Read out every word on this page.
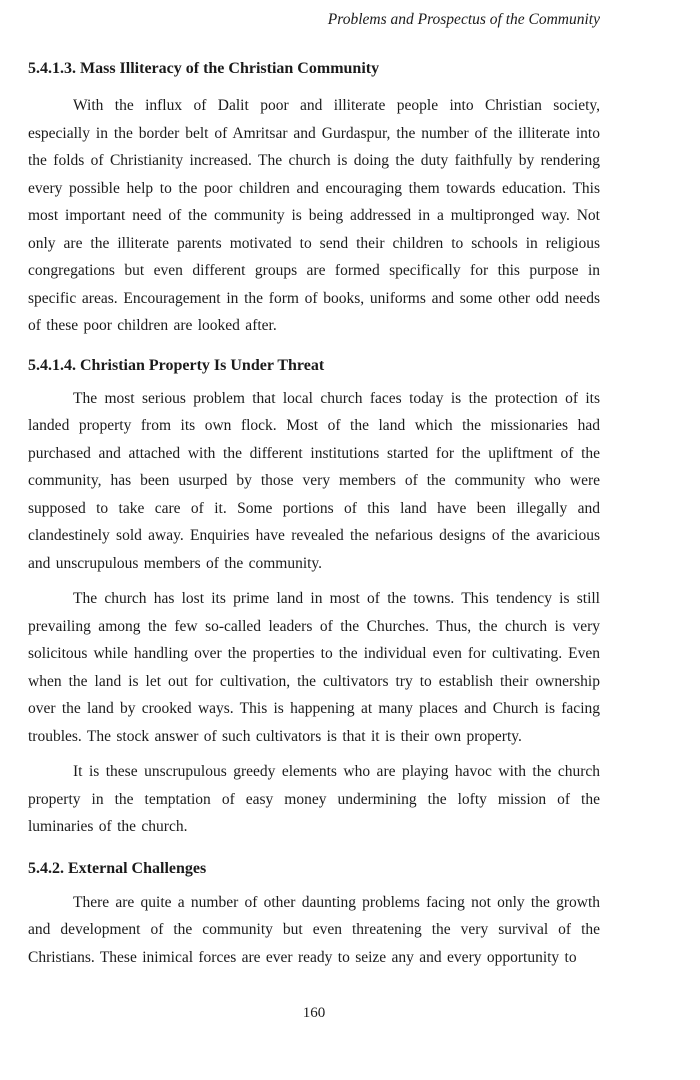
Problems and Prospectus of the Community
5.4.1.3. Mass Illiteracy of the Christian Community

With the influx of Dalit poor and illiterate people into Christian society, especially in the border belt of Amritsar and Gurdaspur, the number of the illiterate into the folds of Christianity increased. The church is doing the duty faithfully by rendering every possible help to the poor children and encouraging them towards education. This most important need of the community is being addressed in a multipronged way. Not only are the illiterate parents motivated to send their children to schools in religious congregations but even different groups are formed specifically for this purpose in specific areas. Encouragement in the form of books, uniforms and some other odd needs of these poor children are looked after.

5.4.1.4. Christian Property Is Under Threat

The most serious problem that local church faces today is the protection of its landed property from its own flock. Most of the land which the missionaries had purchased and attached with the different institutions started for the upliftment of the community, has been usurped by those very members of the community who were supposed to take care of it. Some portions of this land have been illegally and clandestinely sold away. Enquiries have revealed the nefarious designs of the avaricious and unscrupulous members of the community.

The church has lost its prime land in most of the towns. This tendency is still prevailing among the few so-called leaders of the Churches. Thus, the church is very solicitous while handling over the properties to the individual even for cultivating. Even when the land is let out for cultivation, the cultivators try to establish their ownership over the land by crooked ways. This is happening at many places and Church is facing troubles. The stock answer of such cultivators is that it is their own property.

It is these unscrupulous greedy elements who are playing havoc with the church property in the temptation of easy money undermining the lofty mission of the luminaries of the church.

5.4.2. External Challenges

There are quite a number of other daunting problems facing not only the growth and development of the community but even threatening the very survival of the Christians. These inimical forces are ever ready to seize any and every opportunity to

160
